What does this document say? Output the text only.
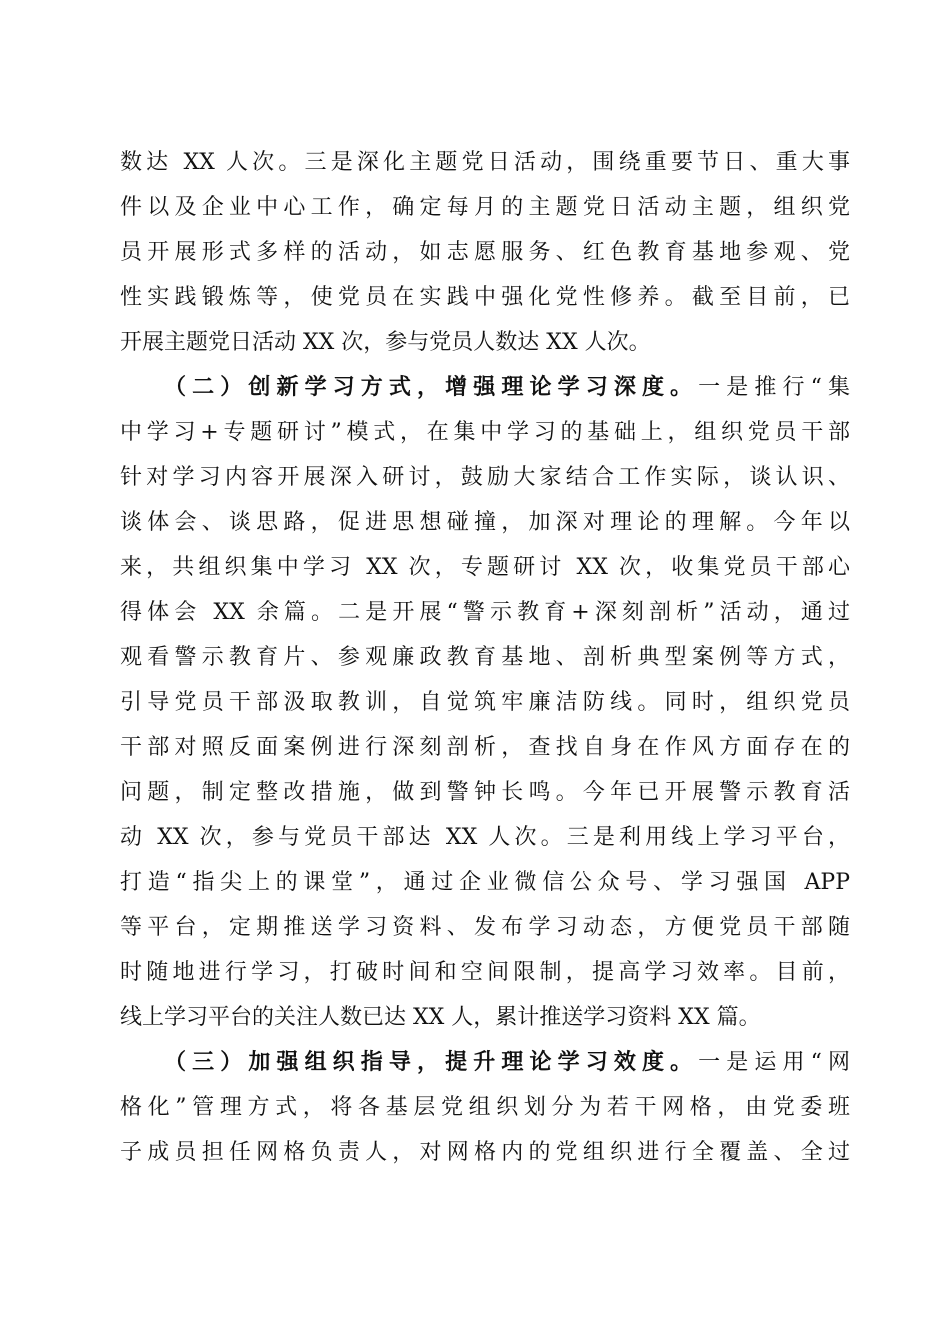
数达 XX 人次。三是深化主题党日活动，围绕重要节日、重大事
件以及企业中心工作，确定每月的主题党日活动主题，组织党
员开展形式多样的活动，如志愿服务、红色教育基地参观、党
性实践锻炼等，使党员在实践中强化党性修养。截至目前，已
开展主题党日活动 XX 次，参与党员人数达 XX 人次。
（二）创新学习方式，增强理论学习深度。一是推行“集
中学习+专题研讨”模式，在集中学习的基础上，组织党员干部
针对学习内容开展深入研讨，鼓励大家结合工作实际，谈认识、
谈体会、谈思路，促进思想碰撞，加深对理论的理解。今年以
来，共组织集中学习 XX 次，专题研讨 XX 次，收集党员干部心
得体会 XX 余篇。二是开展“警示教育+深刻剖析”活动，通过
观看警示教育片、参观廉政教育基地、剖析典型案例等方式，
引导党员干部汲取教训，自觉筑牢廉洁防线。同时，组织党员
干部对照反面案例进行深刻剖析，查找自身在作风方面存在的
问题，制定整改措施，做到警钟长鸣。今年已开展警示教育活
动 XX 次，参与党员干部达 XX 人次。三是利用线上学习平台，
打造“指尖上的课堂”，通过企业微信公众号、学习强国 APP
等平台，定期推送学习资料、发布学习动态，方便党员干部随
时随地进行学习，打破时间和空间限制，提高学习效率。目前，
线上学习平台的关注人数已达 XX 人，累计推送学习资料 XX 篇。
（三）加强组织指导，提升理论学习效度。一是运用“网
格化”管理方式，将各基层党组织划分为若干网格，由党委班
子成员担任网格负责人，对网格内的党组织进行全覆盖、全过
